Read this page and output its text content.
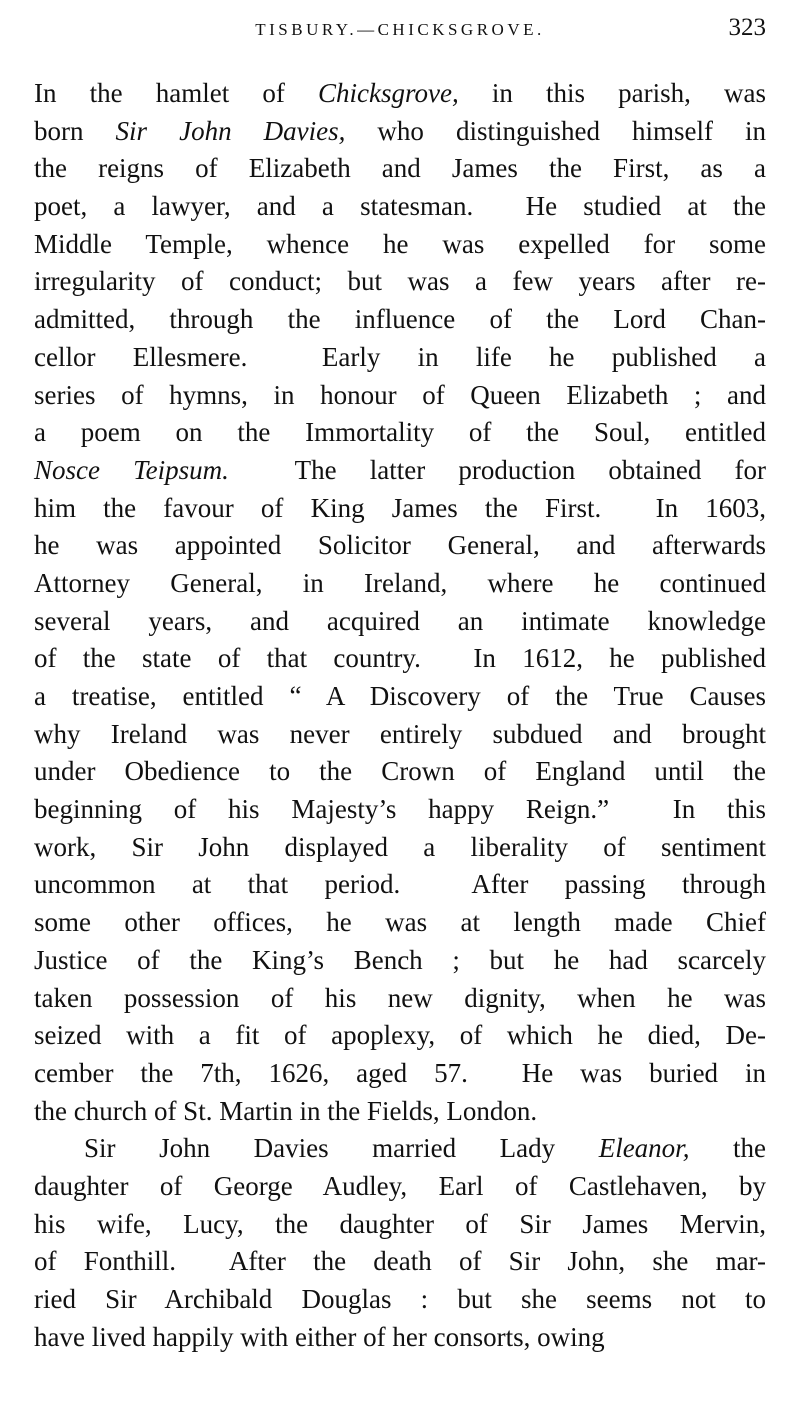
TISBURY.—CHICKSGROVE.	323
In the hamlet of Chicksgrove, in this parish, was
born Sir John Davies, who distinguished himself in
the reigns of Elizabeth and James the First, as a
poet, a lawyer, and a statesman.  He studied at the
Middle Temple, whence he was expelled for some
irregularity of conduct; but was a few years after re-
admitted, through the influence of the Lord Chan-
cellor Ellesmere.  Early in life he published a
series of hymns, in honour of Queen Elizabeth ; and
a poem on the Immortality of the Soul, entitled
Nosce Teipsum.  The latter production obtained for
him the favour of King James the First.  In 1603,
he was appointed Solicitor General, and afterwards
Attorney General, in Ireland, where he continued
several years, and acquired an intimate knowledge
of the state of that country.  In 1612, he published
a treatise, entitled “ A Discovery of the True Causes
why Ireland was never entirely subdued and brought
under Obedience to the Crown of England until the
beginning of his Majesty’s happy Reign.”  In this
work, Sir John displayed a liberality of sentiment
uncommon at that period.  After passing through
some other offices, he was at length made Chief
Justice of the King’s Bench ; but he had scarcely
taken possession of his new dignity, when he was
seized with a fit of apoplexy, of which he died, De-
cember the 7th, 1626, aged 57.  He was buried in
the church of St. Martin in the Fields, London.
Sir John Davies married Lady Eleanor, the
daughter of George Audley, Earl of Castlehaven, by
his wife, Lucy, the daughter of Sir James Mervin,
of Fonthill.  After the death of Sir John, she mar-
ried Sir Archibald Douglas : but she seems not to
have lived happily with either of her consorts, owing
